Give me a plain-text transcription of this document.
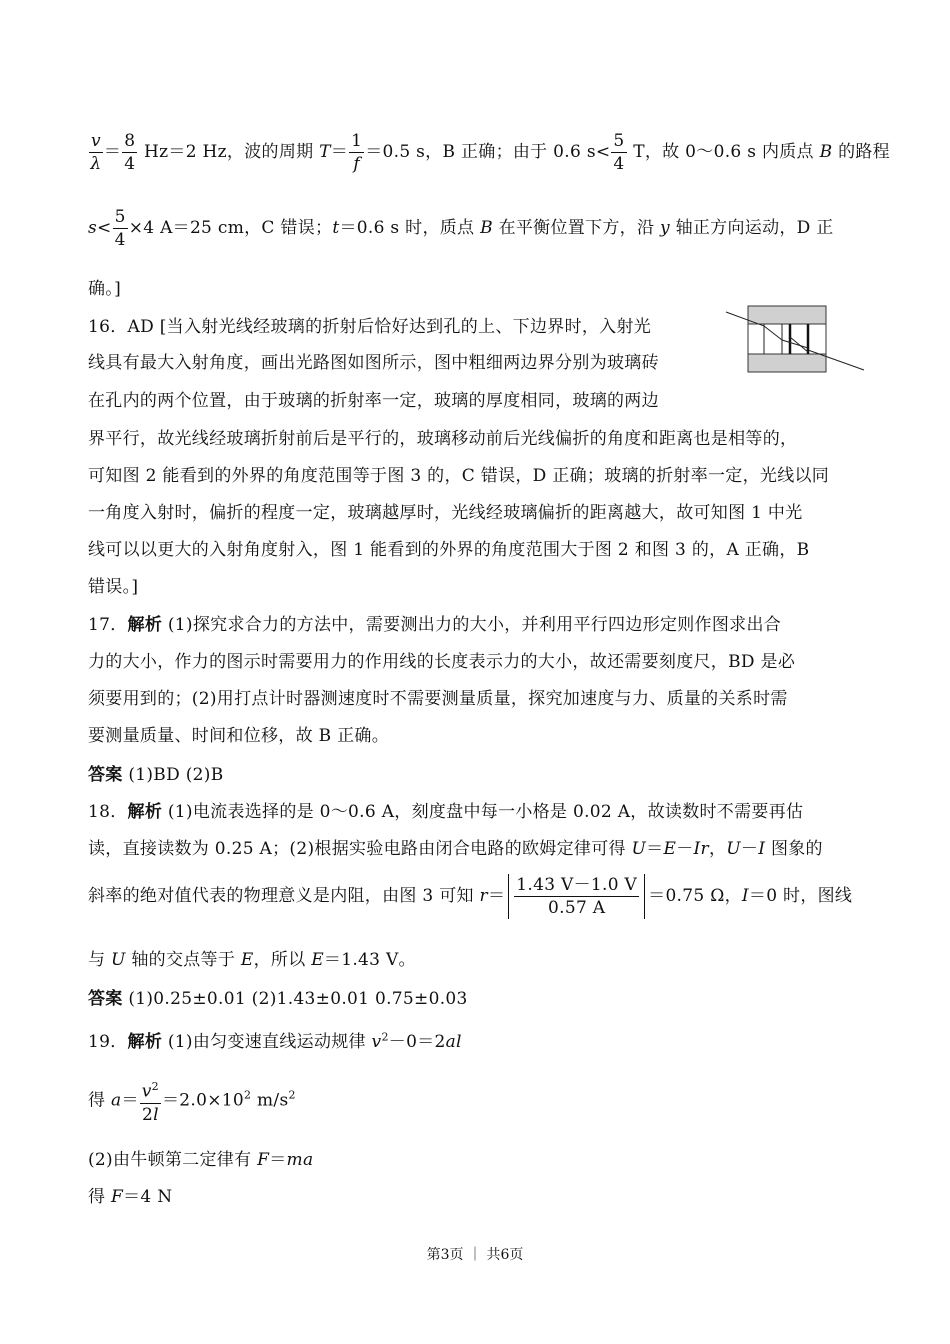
$\frac{v}{\lambda} = \frac{8}{4} Hz=2$ Hz，波的周期 $T= \frac{1}{f} =0.5$ s，B 正确；由于 0.6 $s< \frac{5}{4}$ T，故 0～0.6 s 内质点 B 的路程
$s< \frac{5}{4} \times 4$ A＝25 cm，C 错误；t＝0.6 s 时，质点 B 在平衡位置下方，沿 y 轴正方向运动，D 正
确。]
16．AD [当入射光线经玻璃的折射后恰好达到孔的上、下边界时，入射光
线具有最大入射角度，画出光路图如图所示，图中粗细两边界分别为玻璃砖
在孔内的两个位置，由于玻璃的折射率一定，玻璃的厚度相同，玻璃的两边
界平行，故光线经玻璃折射前后是平行的，玻璃移动前后光线偏折的角度和距离也是相等的，
可知图 2 能看到的外界的角度范围等于图 3 的，C 错误，D 正确；玻璃的折射率一定，光线以同
一角度入射时，偏折的程度一定，玻璃越厚时，光线经玻璃偏折的距离越大，故可知图 1 中光
线可以以更大的入射角度射入，图 1 能看到的外界的角度范围大于图 2 和图 3 的，A 正确，B
错误。]
17．解析 (1)探究求合力的方法中，需要测出力的大小，并利用平行四边形定则作图求出合
力的大小，作力的图示时需要用力的作用线的长度表示力的大小，故还需要刻度尺，BD 是必
须要用到的；(2)用打点计时器测速度时不需要测量质量，探究加速度与力、质量的关系时需
要测量质量、时间和位移，故 B 正确。
答案 (1)BD (2)B
18．解析 (1)电流表选择的是 0～0.6 A，刻度盘中每一小格是 0.02 A，故读数时不需要再估
读，直接读数为 0.25 A；(2)根据实验电路由闭合电路的欧姆定律可得 U＝E－Ir，U－I 图象的
斜率的绝对值代表的物理意义是内阻，由图 3 可知 $r= \frac{1.43 V-1.0 V}{0.57 A} =0.75$ Ω，I＝0 时，图线
与 U 轴的交点等于 E，所以 E＝1.43 V。
答案 (1)0.25±0.01 (2)1.43±0.01 0.75±0.03
19．解析 (1)由匀变速直线运动规律 $v^2-0=2al$
得 $a= \frac{v^2}{2l} =2.0\times 10^2$ $m/s^2$
(2)由牛顿第二定律有 F＝ma
得 F＝4 N
第3页 ｜ 共6页
